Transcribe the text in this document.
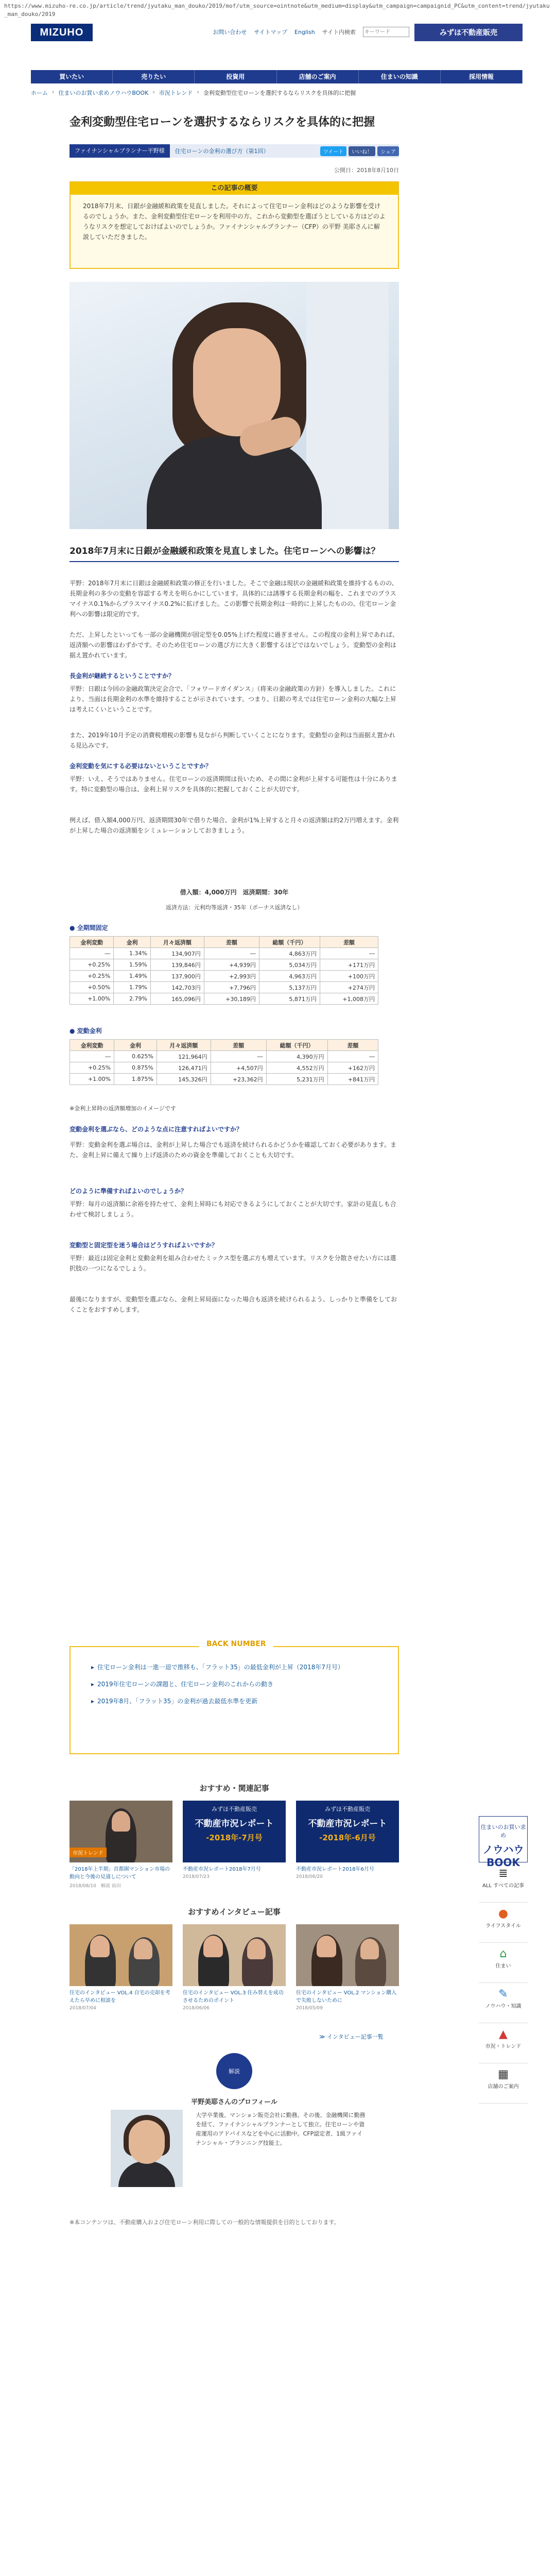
https://www.mizuho-re.co.jp/article/trend/jyutaku_man_douko/2019/mof/utm_source=ointnote&utm_medium=display&utm_campaign=campaignid_PC&utm_content=trend/jyutaku_man_douko/2019
MIZUHO	お問い合わせ サイトマップ English サイト内検索
キーワード	みずほ不動産販売
買いたい	売りたい	投資用	店舗のご案内	住まいの知識	採用情報
ホーム › 住まいのお買い求めノウハウBOOK › 市況トレンド › 金利変動型住宅ローンを選択するならリスクを具体的に把握
金利変動型住宅ローンを選択するならリスクを具体的に把握
ファイナンシャルプランナー平野様	住宅ローンの金利の選び方（第1回）	ツイート	いいね！	シェア
公開日：2018年8月10日
この記事の概要

2018年7月末、日銀が金融緩和政策を見直しました。それによって住宅ローン金利はどのような影響を受けるのでしょうか。また、金利変動型住宅ローンを利用中の方、これから変動型を選ぼうとしている方はどのようなリスクを想定しておけばよいのでしょうか。ファイナンシャルプランナー（CFP）の平野 美耶さんに解説していただきました。

2018年7月末に日銀が金融緩和政策を見直しました。住宅ローンへの影響は？

平野：2018年7月末に日銀は金融緩和政策の修正を行いました。そこで金融は現状の金融緩和政策を維持するものの、長期金利の多少の変動を容認する考えを明らかにしています。具体的には誘導する長期金利の幅を、これまでのプラスマイナス0.1%からプラスマイナス0.2%に拡げました。この影響で長期金利は一時的に上昇したものの、住宅ローン金利への影響は限定的です。

ただ、上昇したといっても一部の金融機関が固定型を0.05%上げた程度に過ぎません。この程度の金利上昇であれば、返済額への影響はわずかです。そのため住宅ローンの選び方に大きく影響するほどではないでしょう。変動型の金利は据え置かれています。

長金利が継続するということですか？

平野：日銀は今回の金融政策決定会合で、「フォワードガイダンス」（将来の金融政策の方針）を導入しました。これにより、当面は長期金利の水準を維持することが示されています。つまり、日銀の考えでは住宅ローン金利の大幅な上昇は考えにくいということです。

また、2019年10月予定の消費税増税の影響も見ながら判断していくことになります。変動型の金利は当面据え置かれる見込みです。

金利変動を気にする必要はないということですか？

平野：いえ、そうではありません。住宅ローンの返済期間は長いため、その間に金利が上昇する可能性は十分にあります。特に変動型の場合は、金利上昇リスクを具体的に把握しておくことが大切です。

例えば、借入額4,000万円、返済期間30年で借りた場合、金利が1%上昇すると月々の返済額は約2万円増えます。金利が上昇した場合の返済額をシミュレーションしておきましょう。

借入額：4,000万円　返済期間：30年

返済方法：元利均等返済・35年（ボーナス返済なし）

● 全期間固定
金利変動	金利	月々返済額	差額	総額（千円）	差額
―	1.34%	134,907円	―	4,863万円	―
+0.25%	1.59%	139,846円	+4,939円	5,034万円	+171万円
+0.25%	1.49%	137,900円	+2,993円	4,963万円	+100万円
+0.50%	1.79%	142,703円	+7,796円	5,137万円	+274万円
+1.00%	2.79%	165,096円	+30,189円	5,871万円	+1,008万円
● 変動金利
金利変動	金利	月々返済額	差額	総額（千円）	差額
―	0.625%	121,964円	―	4,390万円	―
+0.25%	0.875%	126,471円	+4,507円	4,552万円	+162万円
+1.00%	1.875%	145,326円	+23,362円	5,231万円	+841万円

※金利上昇時の返済額増加のイメージです

変動金利を選ぶなら、どのような点に注意すればよいですか？

平野：変動金利を選ぶ場合は、金利が上昇した場合でも返済を続けられるかどうかを確認しておく必要があります。また、金利上昇に備えて繰り上げ返済のための資金を準備しておくことも大切です。

どのように準備すればよいのでしょうか？

平野：毎月の返済額に余裕を持たせて、金利上昇時にも対応できるようにしておくことが大切です。家計の見直しも合わせて検討しましょう。

変動型と固定型を迷う場合はどうすればよいですか？

平野：最近は固定金利と変動金利を組み合わせたミックス型を選ぶ方も増えています。リスクを分散させたい方には選択肢の一つになるでしょう。

最後になりますが、変動型を選ぶなら、金利上昇局面になった場合も返済を続けられるよう、しっかりと準備をしておくことをおすすめします。

解説
平野美耶さんのプロフィール

大学卒業後、マンション販売会社に勤務。その後、金融機関に勤務を経て、ファイナンシャルプランナーとして独立。住宅ローンや資産運用のアドバイスなどを中心に活動中。CFP認定者、1級ファイナンシャル・プランニング技能士。

※本コンテンツは、不動産購入および住宅ローン利用に際しての一般的な情報提供を目的としております。

BACK NUMBER
▸ 住宅ローン金利は一進一退で推移も、「フラット35」の最低金利が上昇（2018年7月号）
▸ 2019年住宅ローンの課題と、住宅ローン金利のこれからの動き
▸ 2019年8月、「フラット35」の金利が過去最低水準を更新
おすすめ・関連記事
市況トレンド
「2018年上半期」首都圏マンション市場の動向と今後の見通しについて
2018/08/10　解説 前田
みずほ不動産販売
不動産市況レポート
-2018年-7月号
不動産市況レポート2018年7月号
2018/07/23
みずほ不動産販売
不動産市況レポート
-2018年-6月号
不動産市況レポート2018年6月号
2018/06/20
おすすめインタビュー記事
住宅のインタビュー VOL.4 自宅の売却を考えたら早めに相談を
2018/07/04
住宅のインタビュー VOL.3 住み替えを成功させるためのポイント
2018/06/06
住宅のインタビュー VOL.2 マンション購入で失敗しないために
2018/05/09
≫ インタビュー記事一覧
住まいのお買い求め
ノウハウBOOK
≣
ALL すべての記事
●
ライフスタイル
⌂
住まい
✎
ノウハウ・知識
▲
市況・トレンド
▦
店舗のご案内
